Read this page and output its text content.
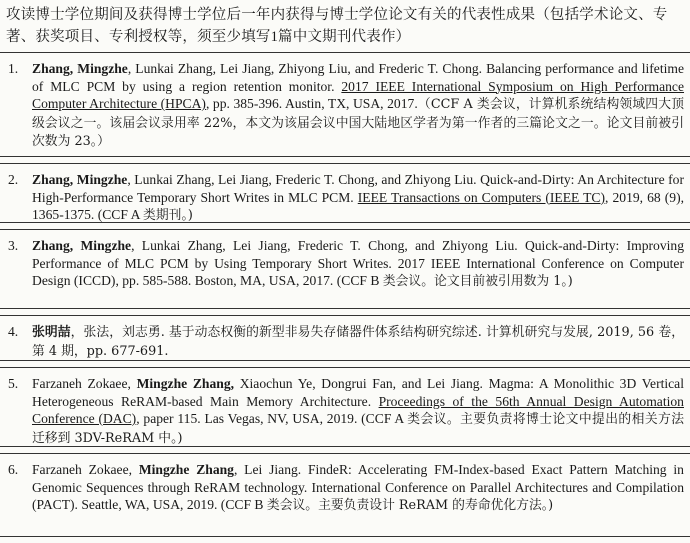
攻读博士学位期间及获得博士学位后一年内获得与博士学位论文有关的代表性成果（包括学术论文、专著、获奖项目、专利授权等，须至少填写1篇中文期刊代表作）
1.	Zhang, Mingzhe, Lunkai Zhang, Lei Jiang, Zhiyong Liu, and Frederic T. Chong. Balancing performance and lifetime of MLC PCM by using a region retention monitor. 2017 IEEE International Symposium on High Performance Computer Architecture (HPCA), pp. 385-396. Austin, TX, USA, 2017.（CCF A 类会议，计算机系统结构领域四大顶级会议之一。该届会议录用率 22%，本文为该届会议中国大陆地区学者为第一作者的三篇论文之一。论文目前被引次数为 23。）
2.	Zhang, Mingzhe, Lunkai Zhang, Lei Jiang, Frederic T. Chong, and Zhiyong Liu. Quick-and-Dirty: An Architecture for High-Performance Temporary Short Writes in MLC PCM. IEEE Transactions on Computers (IEEE TC), 2019, 68 (9), 1365-1375. (CCF A 类期刊。)
3.	Zhang, Mingzhe, Lunkai Zhang, Lei Jiang, Frederic T. Chong, and Zhiyong Liu. Quick-and-Dirty: Improving Performance of MLC PCM by Using Temporary Short Writes. 2017 IEEE International Conference on Computer Design (ICCD), pp. 585-588. Boston, MA, USA, 2017. (CCF B 类会议。论文目前被引用数为 1。)
4.	张明喆，张法，刘志勇. 基于动态权衡的新型非易失存储器件体系结构研究综述. 计算机研究与发展, 2019, 56 卷，第 4 期，pp. 677-691.
5.	Farzaneh Zokaee, Mingzhe Zhang, Xiaochun Ye, Dongrui Fan, and Lei Jiang. Magma: A Monolithic 3D Vertical Heterogeneous ReRAM-based Main Memory Architecture. Proceedings of the 56th Annual Design Automation Conference (DAC), paper 115. Las Vegas, NV, USA, 2019. (CCF A 类会议。主要负责将博士论文中提出的相关方法迁移到 3DV-ReRAM 中。)
6.	Farzaneh Zokaee, Mingzhe Zhang, Lei Jiang. FindeR: Accelerating FM-Index-based Exact Pattern Matching in Genomic Sequences through ReRAM technology. International Conference on Parallel Architectures and Compilation (PACT). Seattle, WA, USA, 2019. (CCF B 类会议。主要负责设计 ReRAM 的寿命优化方法。)
